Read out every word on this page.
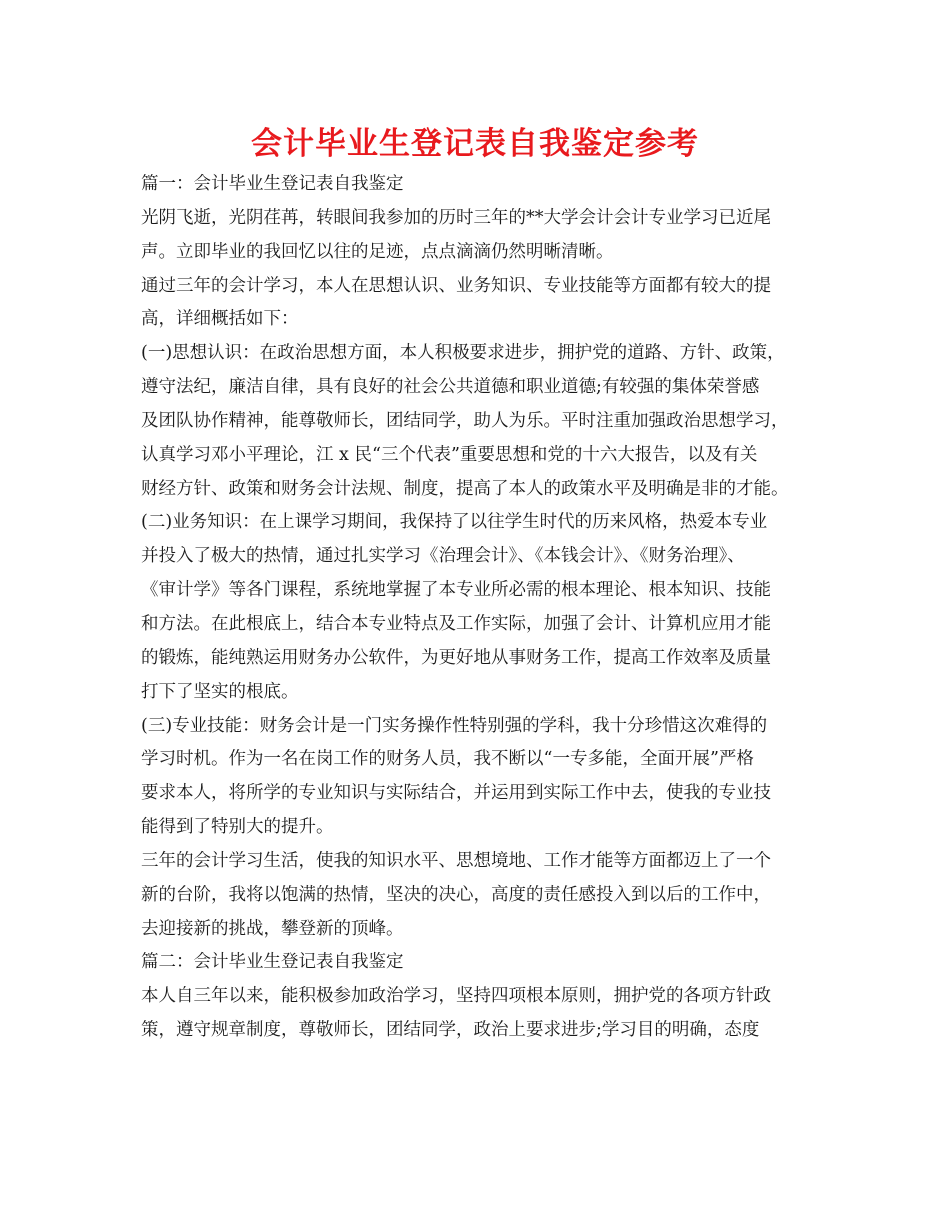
会计毕业生登记表自我鉴定参考

篇一：会计毕业生登记表自我鉴定

光阴飞逝，光阴荏苒，转眼间我参加的历时三年的**大学会计会计专业学习已近尾

声。立即毕业的我回忆以往的足迹，点点滴滴仍然明晰清晰。

通过三年的会计学习，本人在思想认识、业务知识、专业技能等方面都有较大的提

高，详细概括如下：

(一)思想认识：在政治思想方面，本人积极要求进步，拥护党的道路、方针、政策，

遵守法纪，廉洁自律，具有良好的社会公共道德和职业道德;有较强的集体荣誉感

及团队协作精神，能尊敬师长，团结同学，助人为乐。平时注重加强政治思想学习，

认真学习邓小平理论，江 x 民“三个代表”重要思想和党的十六大报告，以及有关

财经方针、政策和财务会计法规、制度，提高了本人的政策水平及明确是非的才能。

(二)业务知识：在上课学习期间，我保持了以往学生时代的历来风格，热爱本专业

并投入了极大的热情，通过扎实学习《治理会计》、《本钱会计》、《财务治理》、

《审计学》等各门课程，系统地掌握了本专业所必需的根本理论、根本知识、技能

和方法。在此根底上，结合本专业特点及工作实际，加强了会计、计算机应用才能

的锻炼，能纯熟运用财务办公软件，为更好地从事财务工作，提高工作效率及质量

打下了坚实的根底。

(三)专业技能：财务会计是一门实务操作性特别强的学科，我十分珍惜这次难得的

学习时机。作为一名在岗工作的财务人员，我不断以“一专多能，全面开展”严格

要求本人，将所学的专业知识与实际结合，并运用到实际工作中去，使我的专业技

能得到了特别大的提升。

三年的会计学习生活，使我的知识水平、思想境地、工作才能等方面都迈上了一个

新的台阶，我将以饱满的热情，坚决的决心，高度的责任感投入到以后的工作中，

去迎接新的挑战，攀登新的顶峰。

篇二：会计毕业生登记表自我鉴定

本人自三年以来，能积极参加政治学习，坚持四项根本原则，拥护党的各项方针政

策，遵守规章制度，尊敬师长，团结同学，政治上要求进步;学习目的明确，态度
